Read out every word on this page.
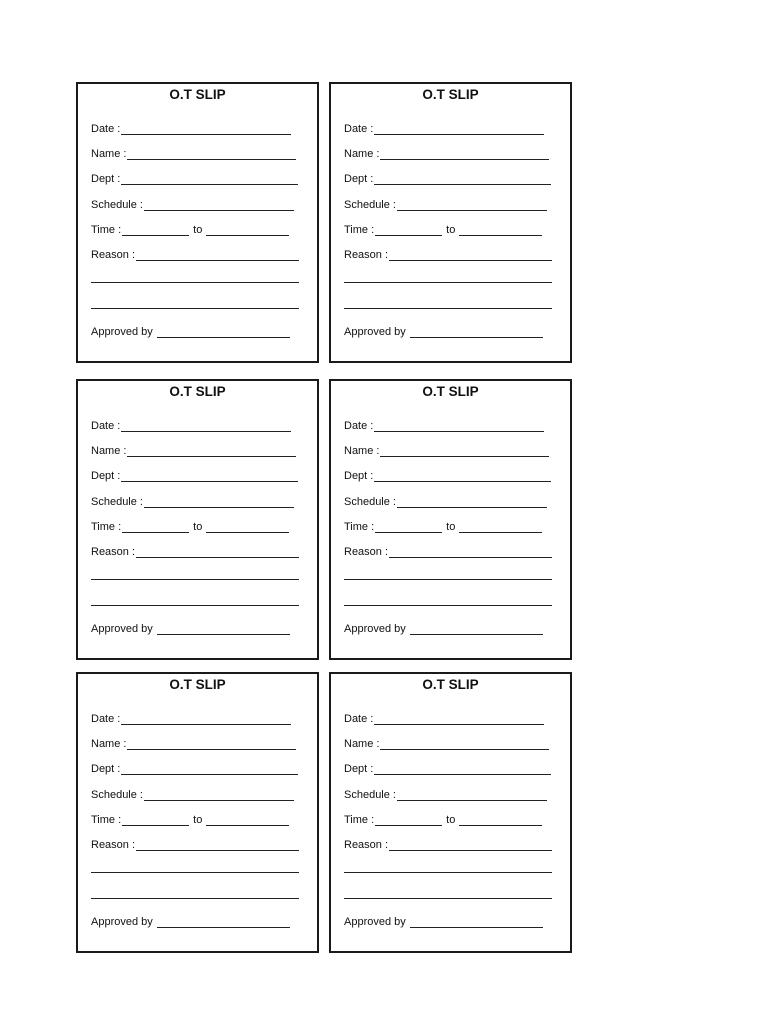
O.T SLIP
Date :
Name :
Dept :
Schedule :
Time :	to
Reason :
Approved by
O.T SLIP
Date :
Name :
Dept :
Schedule :
Time :	to
Reason :
Approved by
O.T SLIP
Date :
Name :
Dept :
Schedule :
Time :	to
Reason :
Approved by
O.T SLIP
Date :
Name :
Dept :
Schedule :
Time :	to
Reason :
Approved by
O.T SLIP
Date :
Name :
Dept :
Schedule :
Time :	to
Reason :
Approved by
O.T SLIP
Date :
Name :
Dept :
Schedule :
Time :	to
Reason :
Approved by
